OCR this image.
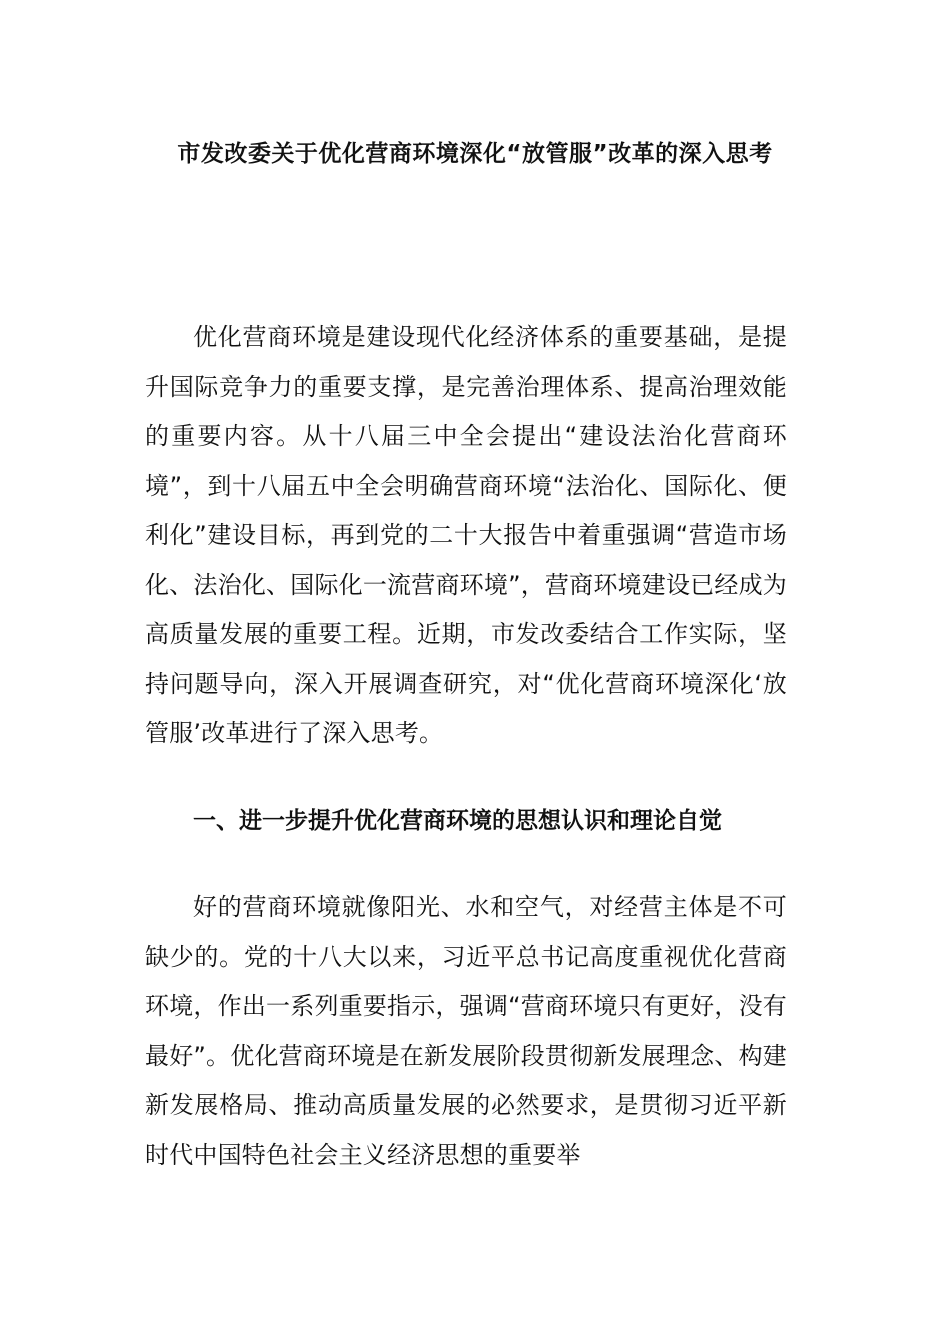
市发改委关于优化营商环境深化“放管服”改革的深入思考
优化营商环境是建设现代化经济体系的重要基础，是提升国际竞争力的重要支撑，是完善治理体系、提高治理效能的重要内容。从十八届三中全会提出“建设法治化营商环境”，到十八届五中全会明确营商环境“法治化、国际化、便利化”建设目标，再到党的二十大报告中着重强调“营造市场化、法治化、国际化一流营商环境”，营商环境建设已经成为高质量发展的重要工程。近期，市发改委结合工作实际，坚持问题导向，深入开展调查研究，对“优化营商环境深化‘放管服’改革进行了深入思考。
一、进一步提升优化营商环境的思想认识和理论自觉
好的营商环境就像阳光、水和空气，对经营主体是不可缺少的。党的十八大以来，习近平总书记高度重视优化营商环境，作出一系列重要指示，强调“营商环境只有更好，没有最好”。优化营商环境是在新发展阶段贯彻新发展理念、构建新发展格局、推动高质量发展的必然要求，是贯彻习近平新时代中国特色社会主义经济思想的重要举
